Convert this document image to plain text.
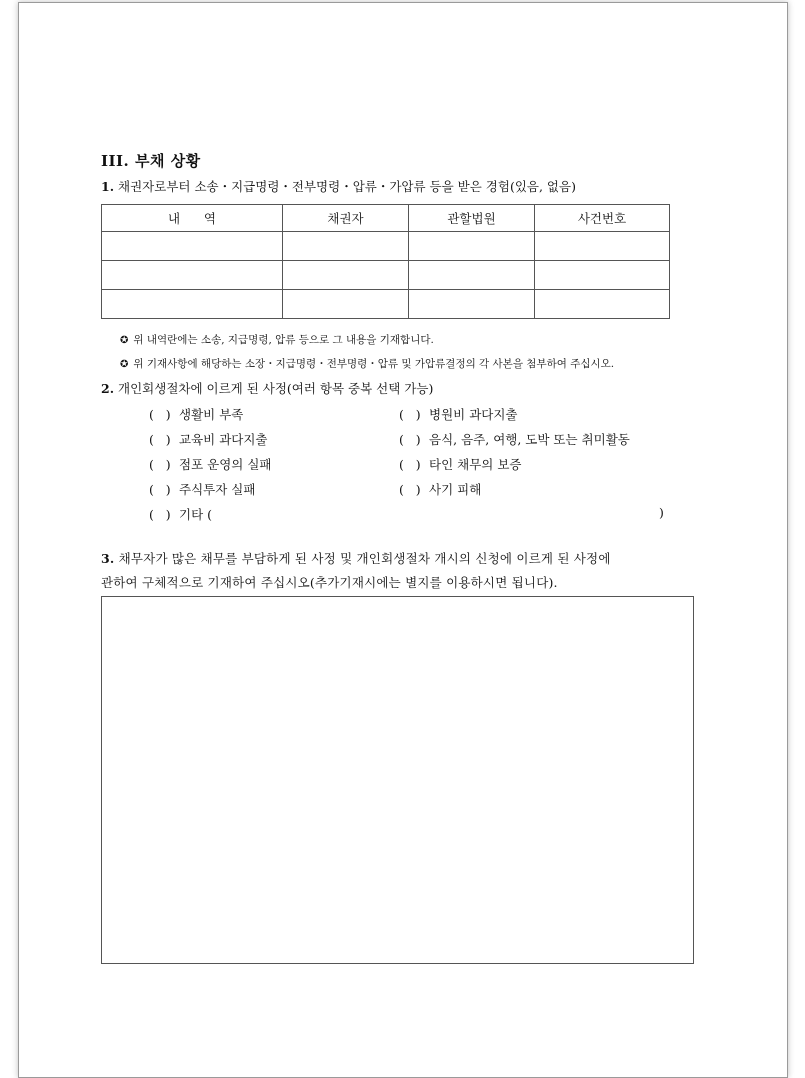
III. 부채 상황
1. 채권자로부터 소송・지급명령・전부명령・압류・가압류 등을 받은 경험(있음, 없음)
내      역	채권자	관할법원	사건번호

✪ 위 내역란에는 소송, 지급명령, 압류 등으로 그 내용을 기재합니다.
✪ 위 기재사항에 해당하는 소장・지급명령・전부명령・압류 및 가압류결정의 각 사본을 첨부하여 주십시오.
2. 개인회생절차에 이르게 된 사정(여러 항목 중복 선택 가능)
(   ) 생활비 부족
(   ) 교육비 과다지출
(   ) 점포 운영의 실패
(   ) 주식투자 실패
(   ) 기타 (	)
(   ) 병원비 과다지출
(   ) 음식, 음주, 여행, 도박 또는 취미활동
(   ) 타인 채무의 보증
(   ) 사기 피해
3. 채무자가 많은 채무를 부담하게 된 사정 및 개인회생절차 개시의 신청에 이르게 된 사정에
관하여 구체적으로 기재하여 주십시오(추가기재시에는 별지를 이용하시면 됩니다).
